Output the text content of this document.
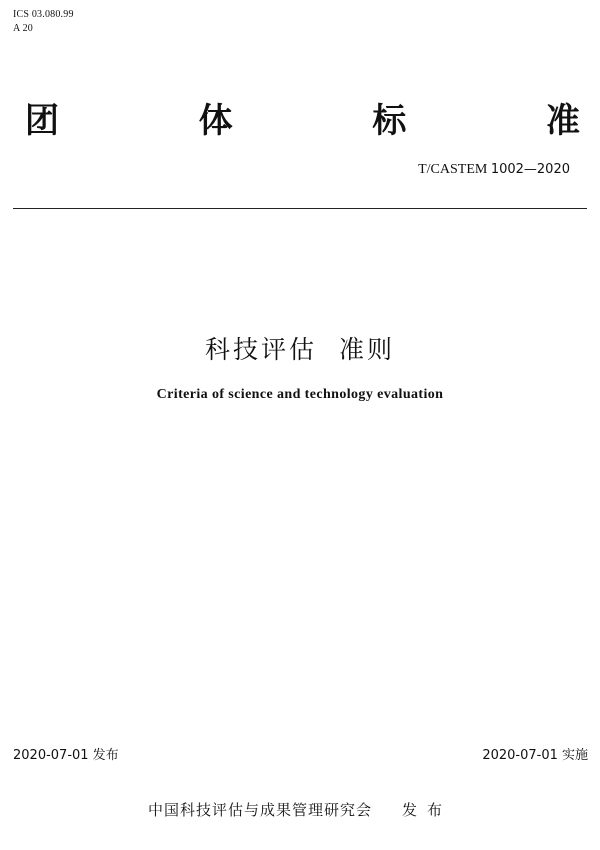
ICS 03.080.99
A 20
团	体	标	准
T/CASTEM 1002—2020
科技评估  准则
Criteria of science and technology evaluation
2020-07-01 发布	2020-07-01 实施
中国科技评估与成果管理研究会 发布
